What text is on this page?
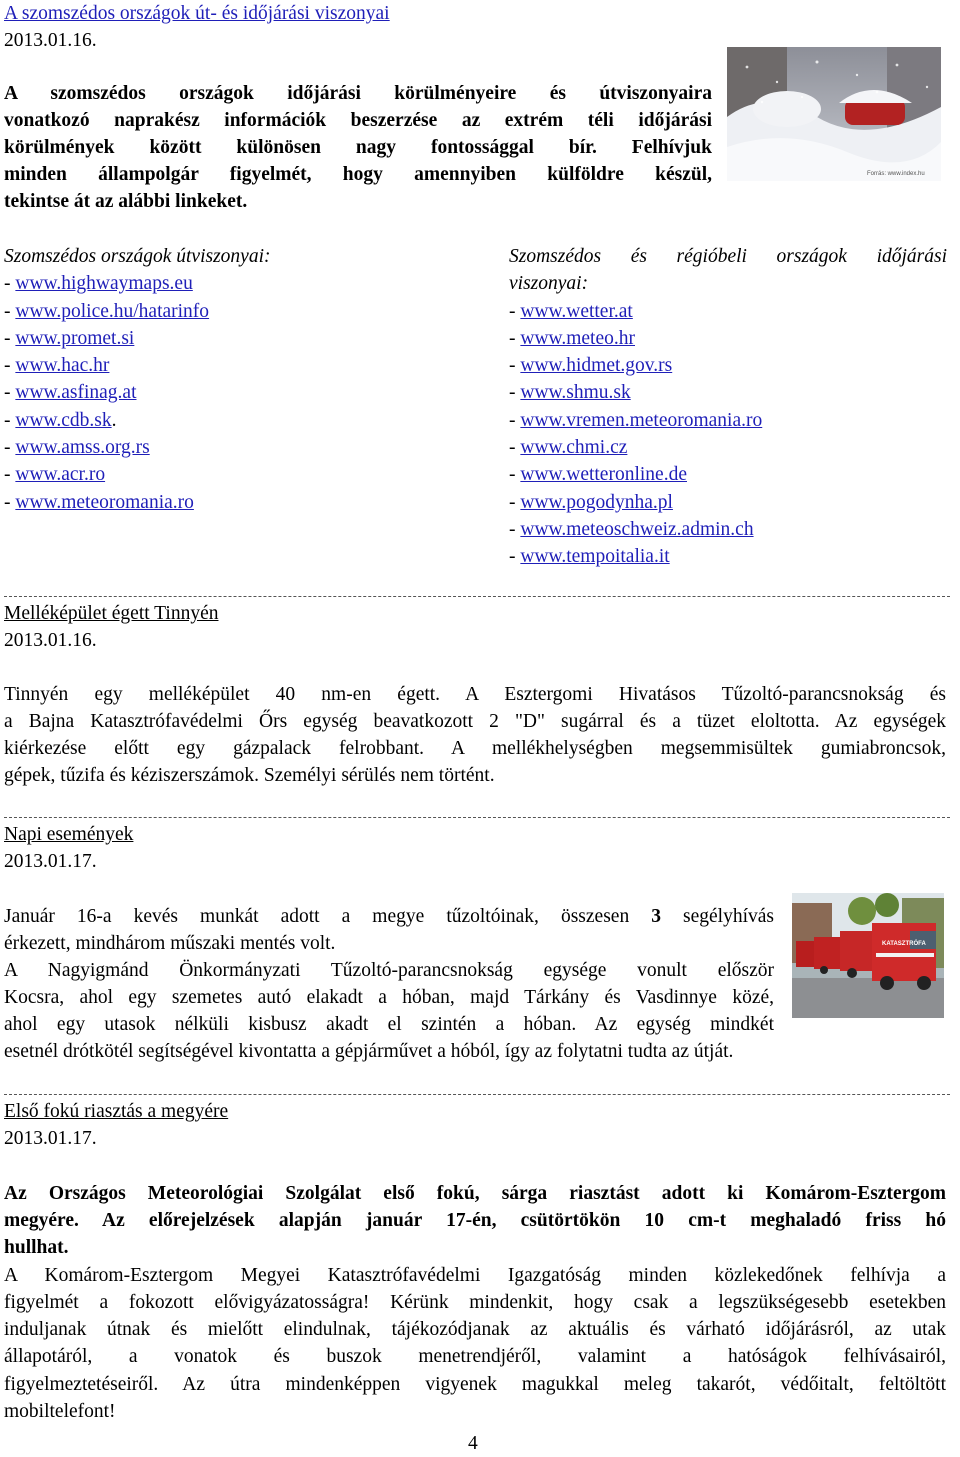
A szomszédos országok út- és időjárási viszonyai
2013.01.16.
A szomszédos országok időjárási körülményeire és útviszonyaira
vonatkozó naprakész információk beszerzése az extrém téli időjárási
körülmények között különösen nagy fontossággal bír. Felhívjuk
minden állampolgár figyelmét, hogy amennyiben külföldre készül,
tekintse át az alábbi linkeket.
Forrás: www.index.hu
Szomszédos országok útviszonyai:
- www.highwaymaps.eu
- www.police.hu/hatarinfo
- www.promet.si
- www.hac.hr
- www.asfinag.at
- www.cdb.sk.
- www.amss.org.rs
- www.acr.ro
- www.meteoromania.ro
Szomszédos és régióbeli országok időjárási
viszonyai:
- www.wetter.at
- www.meteo.hr
- www.hidmet.gov.rs
- www.shmu.sk
- www.vremen.meteoromania.ro
- www.chmi.cz
- www.wetteronline.de
- www.pogodynha.pl
- www.meteoschweiz.admin.ch
- www.tempoitalia.it
Melléképület égett Tinnyén
2013.01.16.
Tinnyén egy melléképület 40 nm-en égett. A Esztergomi Hivatásos Tűzoltó-parancsnokság és
a Bajna Katasztrófavédelmi Őrs egység beavatkozott 2 "D" sugárral és a tüzet eloltotta. Az egységek
kiérkezése előtt egy gázpalack felrobbant. A mellékhelységben megsemmisültek gumiabroncsok,
gépek, tűzifa és kéziszerszámok. Személyi sérülés nem történt.
Napi események
2013.01.17.
Január 16-a kevés munkát adott a megye tűzoltóinak, összesen 3 segélyhívás
érkezett, mindhárom műszaki mentés volt.
A Nagyigmánd Önkormányzati Tűzoltó-parancsnokság egysége vonult először
Kocsra, ahol egy szemetes autó elakadt a hóban, majd Tárkány és Vasdinnye közé,
ahol egy utasok nélküli kisbusz akadt el szintén a hóban. Az egység mindkét
esetnél drótkötél segítségével kivontatta a gépjárművet a hóból, így az folytatni tudta az útját.
KATASZTRÓFA
Első fokú riasztás a megyére
2013.01.17.
Az Országos Meteorológiai Szolgálat első fokú, sárga riasztást adott ki Komárom-Esztergom
megyére. Az előrejelzések alapján január 17-én, csütörtökön 10 cm-t meghaladó friss hó
hullhat.
A Komárom-Esztergom Megyei Katasztrófavédelmi Igazgatóság minden közlekedőnek felhívja a
figyelmét a fokozott elővigyázatosságra! Kérünk mindenkit, hogy csak a legszükségesebb esetekben
induljanak útnak és mielőtt elindulnak, tájékozódjanak az aktuális és várható időjárásról, az utak
állapotáról, a vonatok és buszok menetrendjéről, valamint a hatóságok felhívásairól,
figyelmeztetéseiről. Az útra mindenképpen vigyenek magukkal meleg takarót, védőitalt, feltöltött
mobiltelefont!
4
